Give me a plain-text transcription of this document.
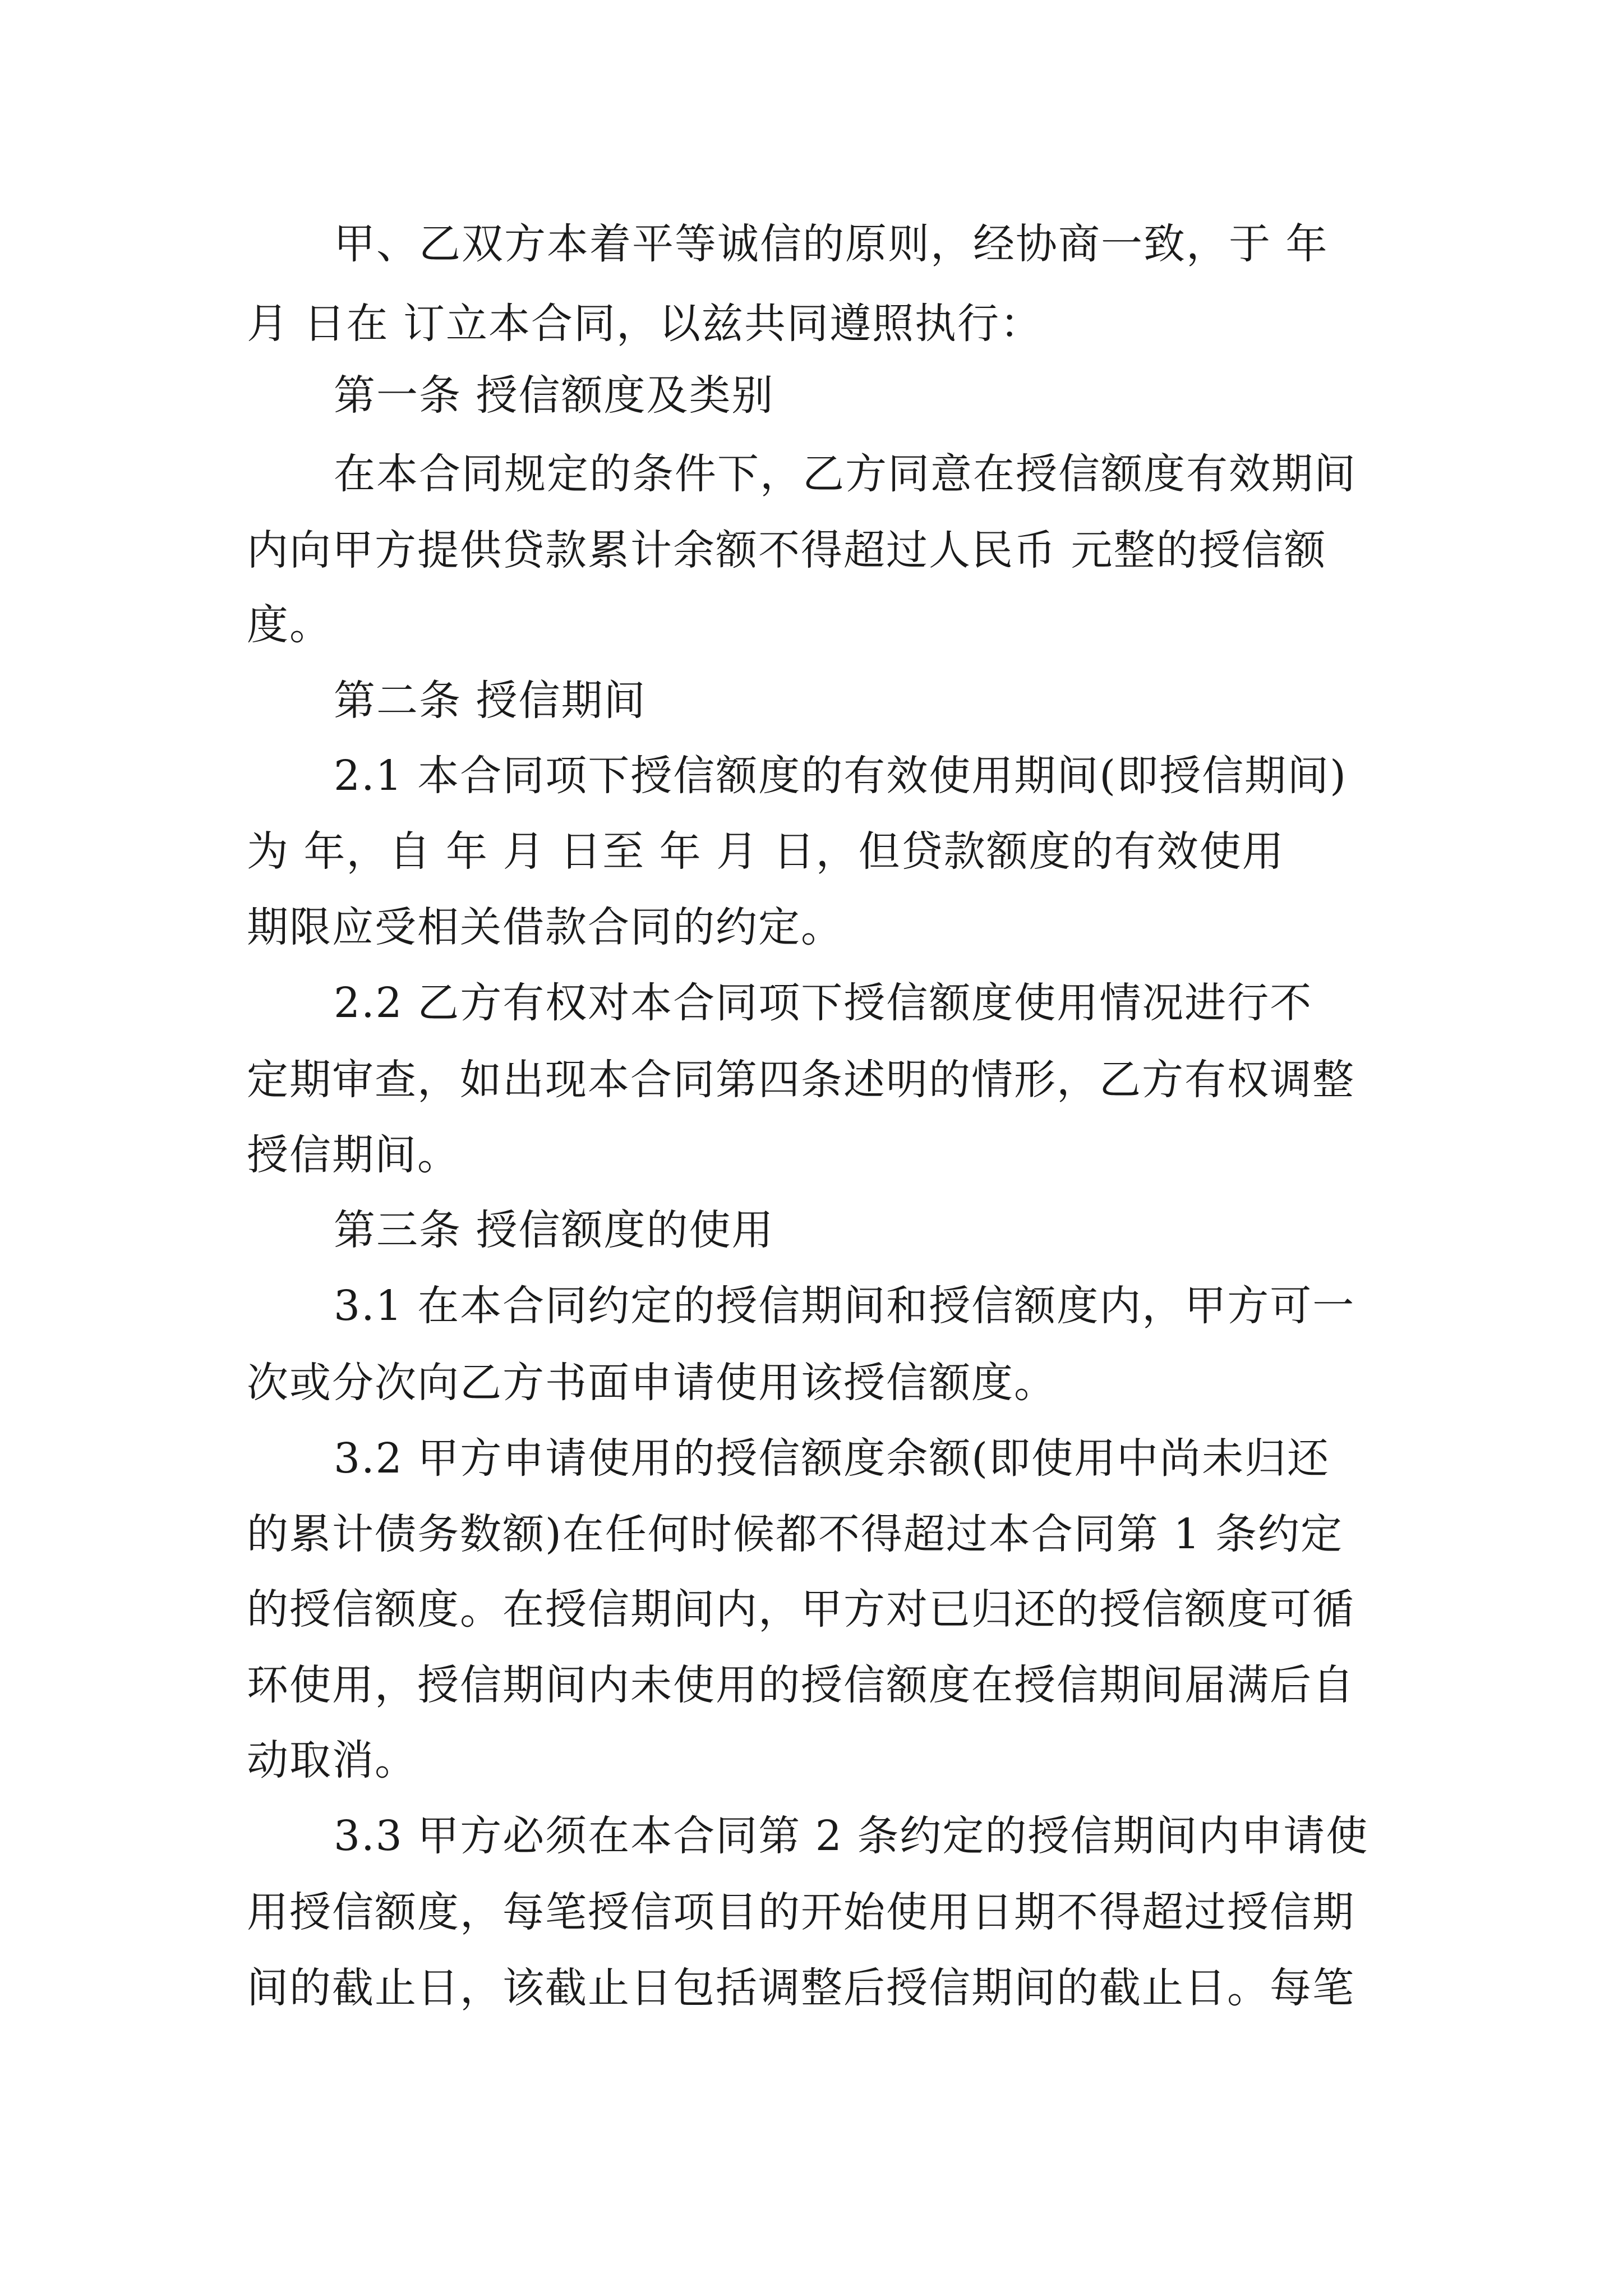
甲、乙双方本着平等诚信的原则，经协商一致，于 年

月 日在 订立本合同，以兹共同遵照执行：

第一条 授信额度及类别

在本合同规定的条件下，乙方同意在授信额度有效期间

内向甲方提供贷款累计余额不得超过人民币 元整的授信额

度。

第二条 授信期间

2.1 本合同项下授信额度的有效使用期间(即授信期间)

为 年，自 年 月 日至 年 月 日，但贷款额度的有效使用

期限应受相关借款合同的约定。

2.2 乙方有权对本合同项下授信额度使用情况进行不

定期审查，如出现本合同第四条述明的情形，乙方有权调整

授信期间。

第三条 授信额度的使用

3.1 在本合同约定的授信期间和授信额度内，甲方可一

次或分次向乙方书面申请使用该授信额度。

3.2 甲方申请使用的授信额度余额(即使用中尚未归还

的累计债务数额)在任何时候都不得超过本合同第 1 条约定

的授信额度。在授信期间内，甲方对已归还的授信额度可循

环使用，授信期间内未使用的授信额度在授信期间届满后自

动取消。

3.3 甲方必须在本合同第 2 条约定的授信期间内申请使

用授信额度，每笔授信项目的开始使用日期不得超过授信期

间的截止日，该截止日包括调整后授信期间的截止日。每笔
